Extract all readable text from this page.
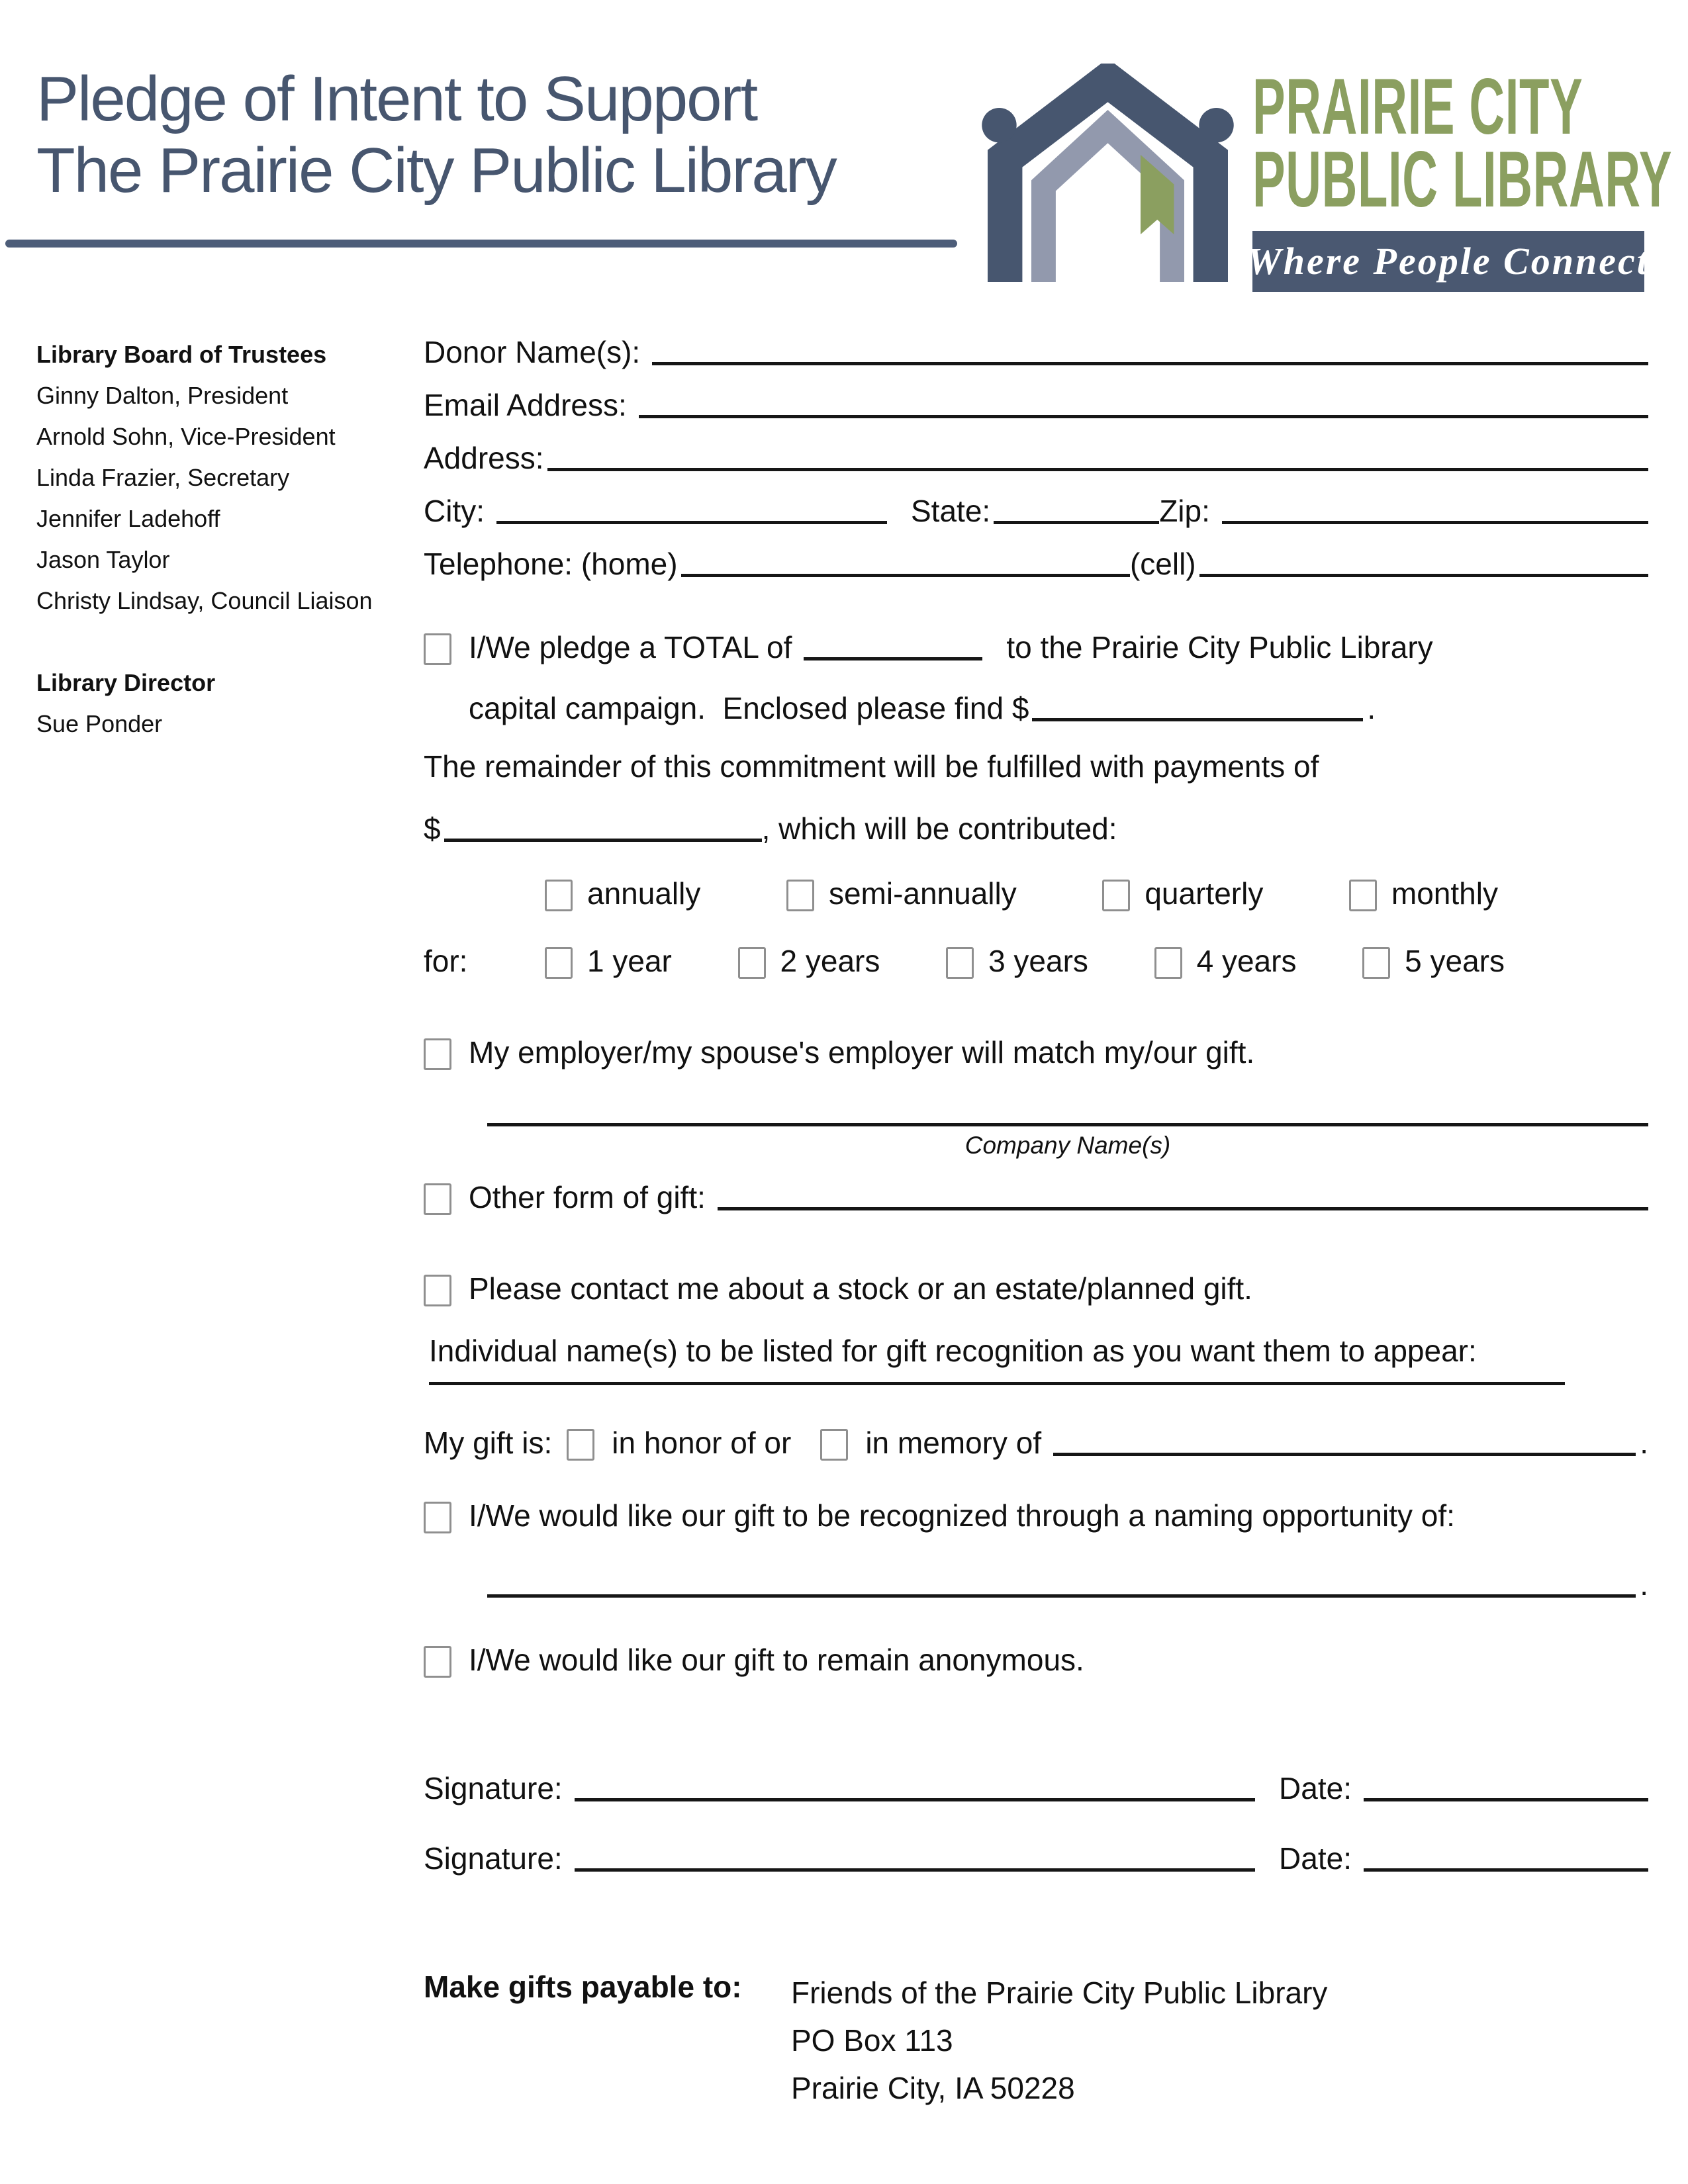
Pledge of Intent to Support
The Prairie City Public Library
PRAIRIE CITY
PUBLIC LIBRARY
Where People Connect
Library Board of Trustees
Ginny Dalton, President
Arnold Sohn, Vice-President
Linda Frazier, Secretary
Jennifer Ladehoff
Jason Taylor
Christy Lindsay, Council Liaison
Library Director
Sue Ponder
Donor Name(s):
Email Address:
Address:
City:	State:	Zip:
Telephone: (home)	(cell)
I/We pledge a TOTAL of	to the Prairie City Public Library
capital campaign.  Enclosed please find $	.
The remainder of this commitment will be fulfilled with payments of
$	, which will be contributed:
annually	semi-annually	quarterly	monthly
for:	1 year	2 years	3 years	4 years	5 years
My employer/my spouse's employer will match my/our gift.
Company Name(s)
Other form of gift:
Please contact me about a stock or an estate/planned gift.
Individual name(s) to be listed for gift recognition as you want them to appear:
My gift is: in honor of or in memory of	.
I/We would like our gift to be recognized through a naming opportunity of:
.
I/We would like our gift to remain anonymous.
Signature:	Date:
Signature:	Date:
Make gifts payable to:	Friends of the Prairie City Public Library
PO Box 113
Prairie City, IA 50228
